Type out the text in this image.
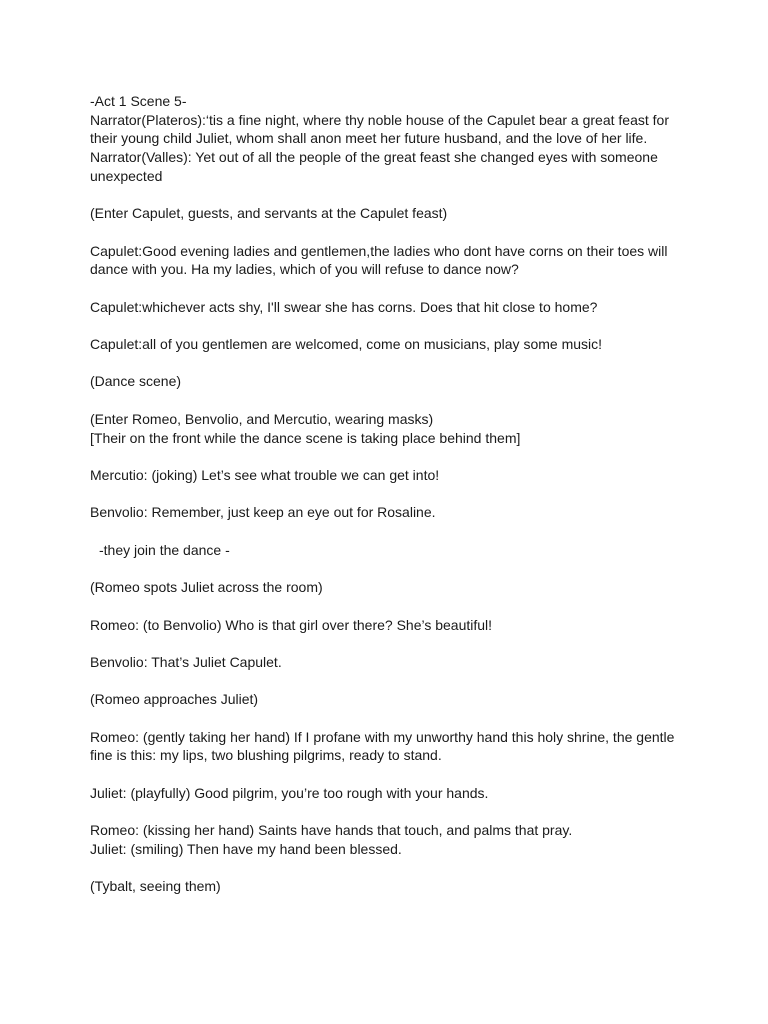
-Act 1 Scene 5-
Narrator(Plateros):‘tis a fine night, where thy noble house of the Capulet bear a great feast for
their young child Juliet, whom shall anon meet her future husband, and the love of her life.
Narrator(Valles): Yet out of all the people of the great feast she changed eyes with someone
unexpected
(Enter Capulet, guests, and servants at the Capulet feast)
Capulet:Good evening ladies and gentlemen,the ladies who dont have corns on their toes will
dance with you. Ha my ladies, which of you will refuse to dance now?
Capulet:whichever acts shy, I'll swear she has corns. Does that hit close to home?
Capulet:all of you gentlemen are welcomed, come on musicians, play some music!
(Dance scene)
(Enter Romeo, Benvolio, and Mercutio, wearing masks)
[Their on the front while the dance scene is taking place behind them]
Mercutio: (joking) Let’s see what trouble we can get into!
Benvolio: Remember, just keep an eye out for Rosaline.
-they join the dance -
(Romeo spots Juliet across the room)
Romeo: (to Benvolio) Who is that girl over there? She’s beautiful!
Benvolio: That’s Juliet Capulet.
(Romeo approaches Juliet)
Romeo: (gently taking her hand) If I profane with my unworthy hand this holy shrine, the gentle
fine is this: my lips, two blushing pilgrims, ready to stand.
Juliet: (playfully) Good pilgrim, you’re too rough with your hands.
Romeo: (kissing her hand) Saints have hands that touch, and palms that pray.
Juliet: (smiling) Then have my hand been blessed.
(Tybalt, seeing them)
